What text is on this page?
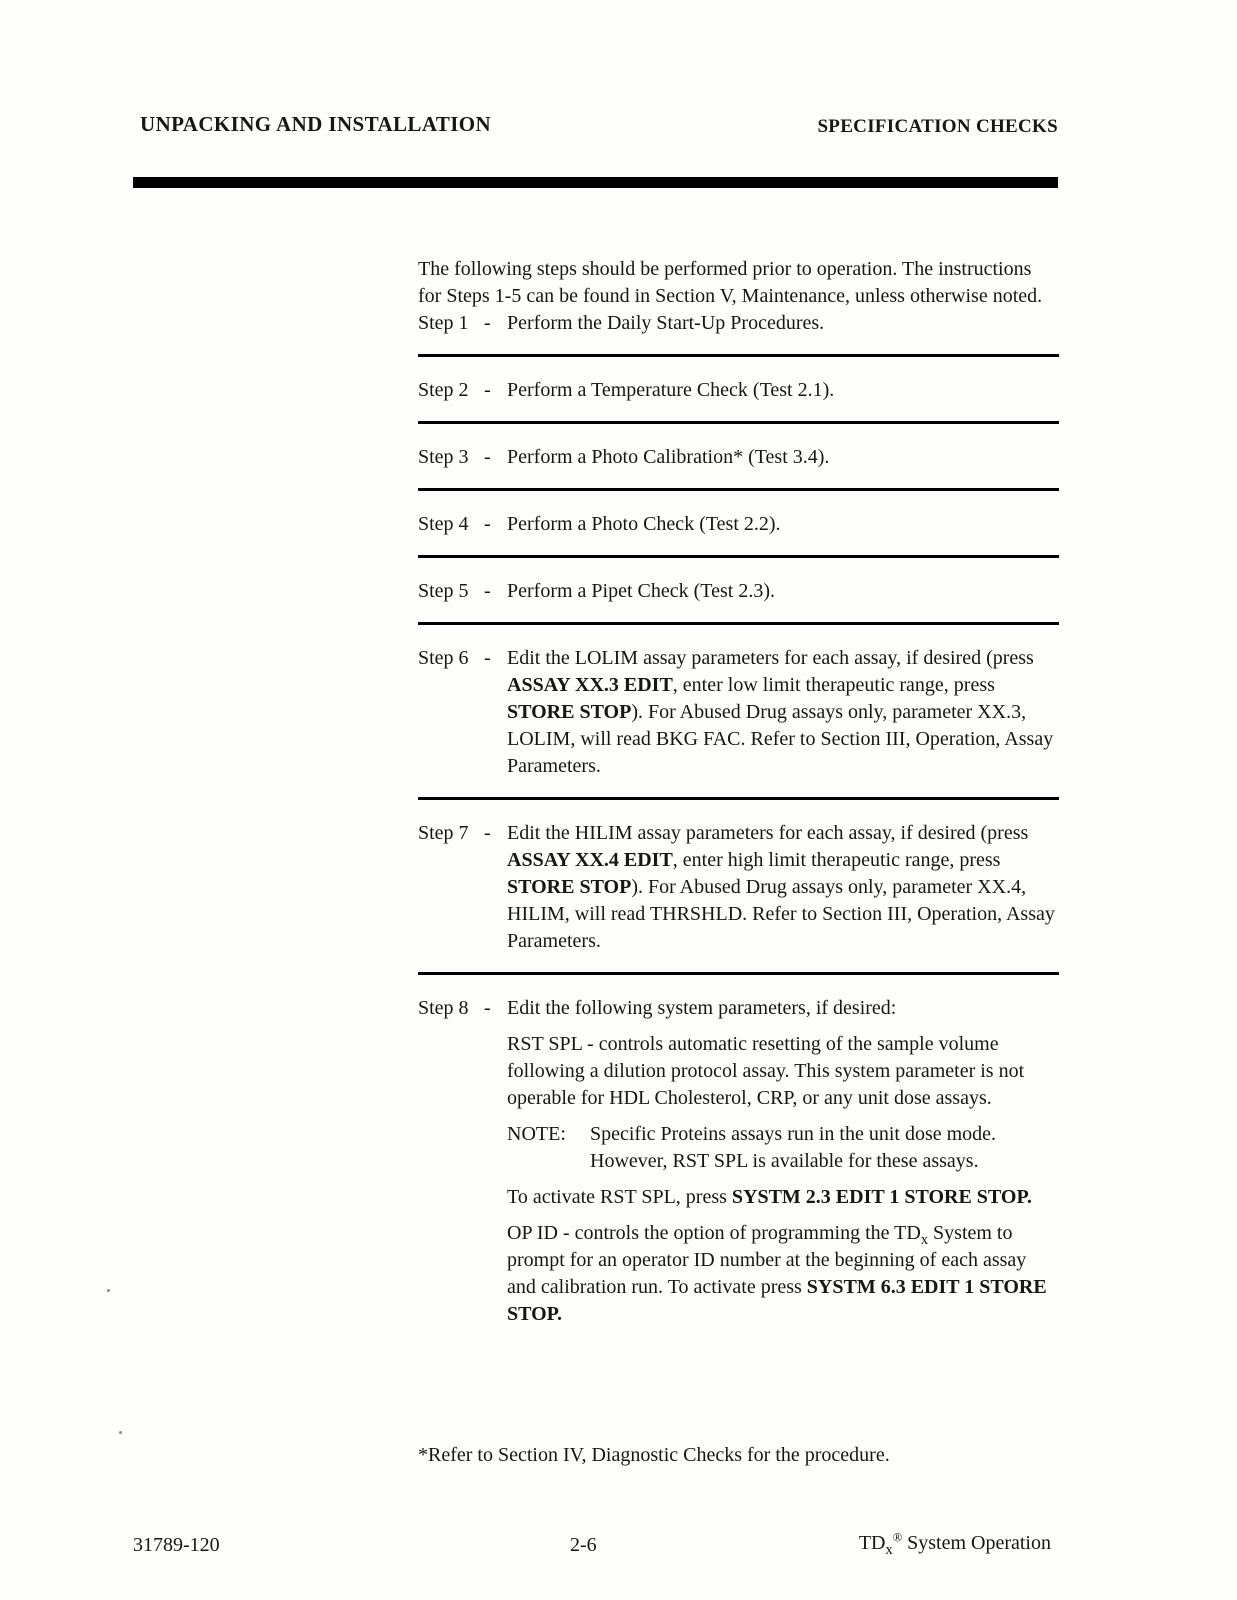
UNPACKING AND INSTALLATION	SPECIFICATION CHECKS

The following steps should be performed prior to operation. The instructions for Steps 1-5 can be found in Section V, Maintenance, unless otherwise noted.

Step 1 - Perform the Daily Start-Up Procedures.
Step 2 - Perform a Temperature Check (Test 2.1).
Step 3 - Perform a Photo Calibration* (Test 3.4).
Step 4 - Perform a Photo Check (Test 2.2).
Step 5 - Perform a Pipet Check (Test 2.3).
Step 6 - Edit the LOLIM assay parameters for each assay, if desired (press ASSAY XX.3 EDIT, enter low limit therapeutic range, press STORE STOP). For Abused Drug assays only, parameter XX.3, LOLIM, will read BKG FAC. Refer to Section III, Operation, Assay Parameters.
Step 7 - Edit the HILIM assay parameters for each assay, if desired (press ASSAY XX.4 EDIT, enter high limit therapeutic range, press STORE STOP). For Abused Drug assays only, parameter XX.4, HILIM, will read THRSHLD. Refer to Section III, Operation, Assay Parameters.
Step 8 - Edit the following system parameters, if desired:
RST SPL - controls automatic resetting of the sample volume following a dilution protocol assay. This system parameter is not operable for HDL Cholesterol, CRP, or any unit dose assays.
NOTE:	Specific Proteins assays run in the unit dose mode. However, RST SPL is available for these assays.
To activate RST SPL, press SYSTM 2.3 EDIT 1 STORE STOP.
OP ID - controls the option of programming the $TD_x$ System to prompt for an operator ID number at the beginning of each assay and calibration run. To activate press SYSTM 6.3 EDIT 1 STORE STOP.

*Refer to Section IV, Diagnostic Checks for the procedure.

31789-120	2-6	$TD_x®$ System Operation
